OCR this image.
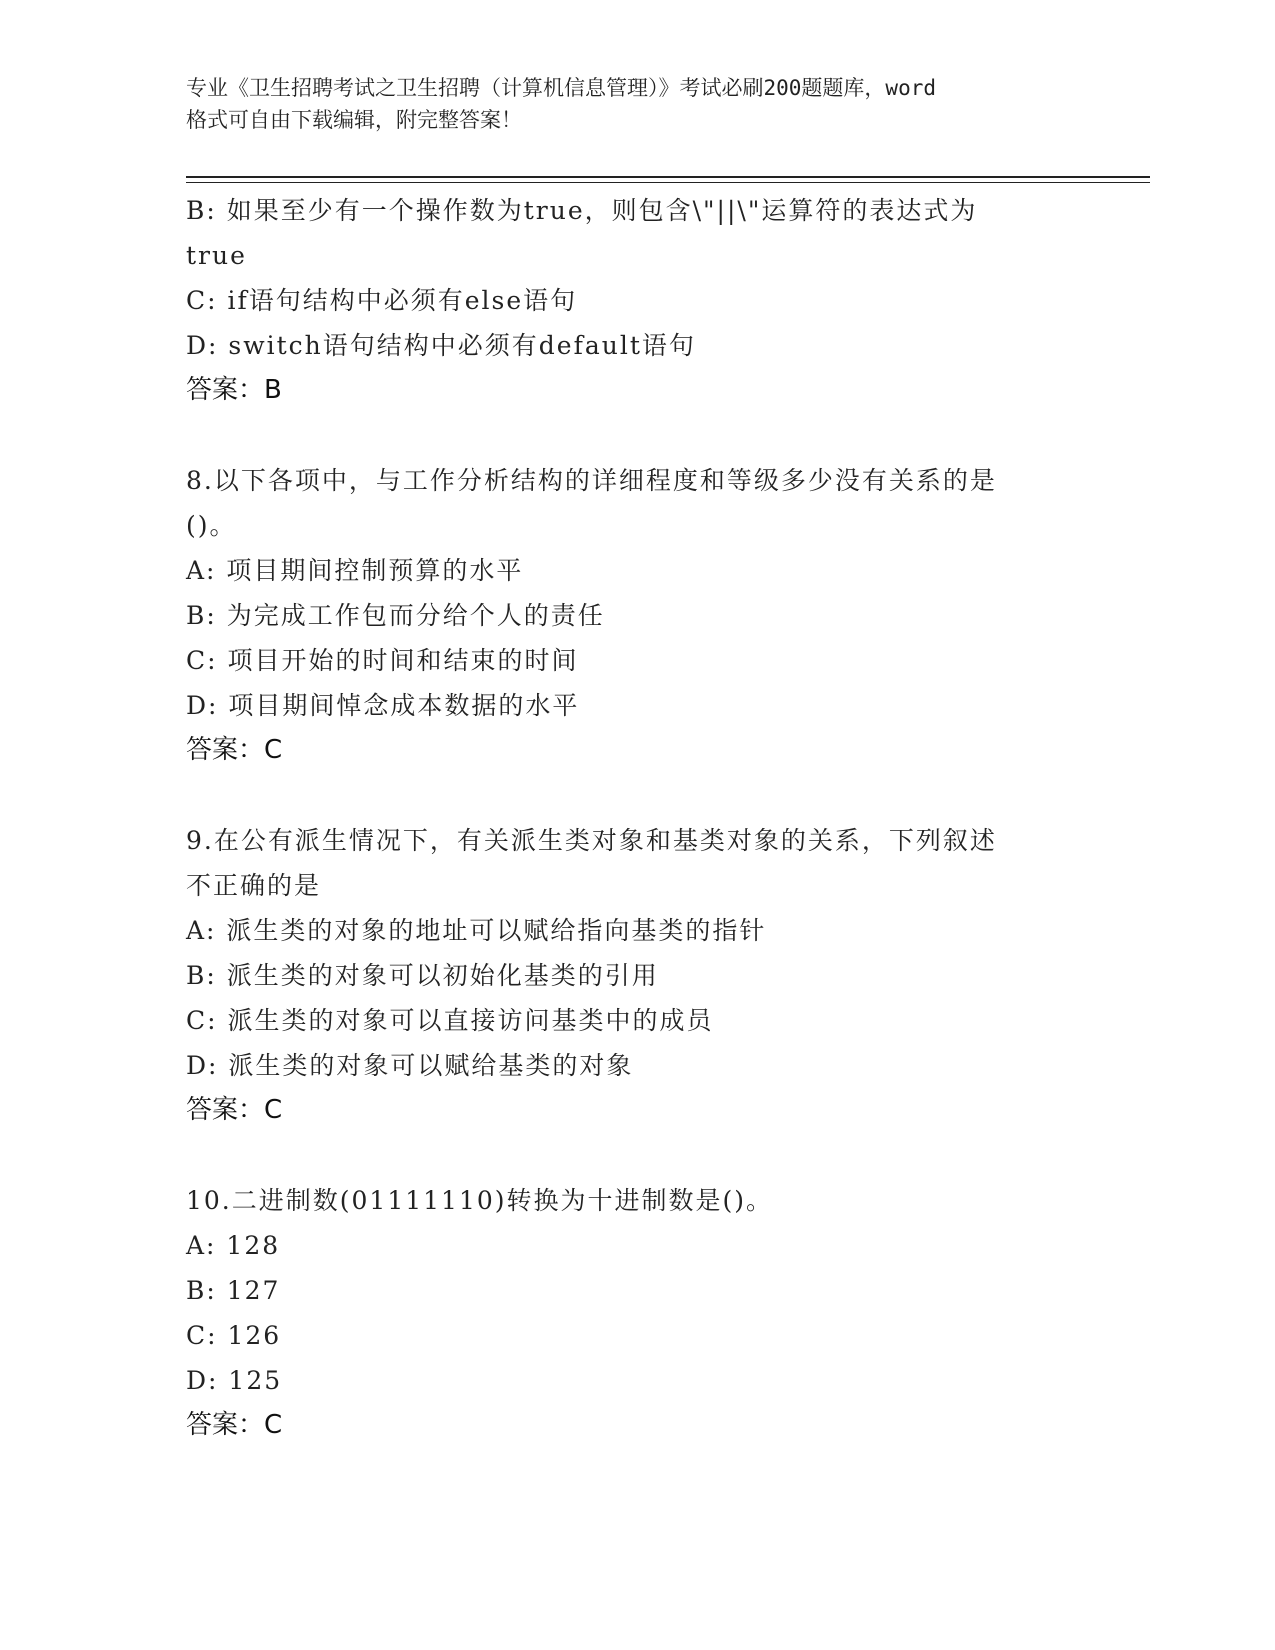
专业《卫生招聘考试之卫生招聘（计算机信息管理）》考试必刷200题题库，word
格式可自由下载编辑，附完整答案！
B: 如果至少有一个操作数为true，则包含\"||\"运算符的表达式为
true
C: if语句结构中必须有else语句
D: switch语句结构中必须有default语句
答案：B
8.以下各项中，与工作分析结构的详细程度和等级多少没有关系的是
()。
A: 项目期间控制预算的水平
B: 为完成工作包而分给个人的责任
C: 项目开始的时间和结束的时间
D: 项目期间悼念成本数据的水平
答案：C
9.在公有派生情况下，有关派生类对象和基类对象的关系，下列叙述
不正确的是
A: 派生类的对象的地址可以赋给指向基类的指针
B: 派生类的对象可以初始化基类的引用
C: 派生类的对象可以直接访问基类中的成员
D: 派生类的对象可以赋给基类的对象
答案：C
10.二进制数(01111110)转换为十进制数是()。
A: 128
B: 127
C: 126
D: 125
答案：C
